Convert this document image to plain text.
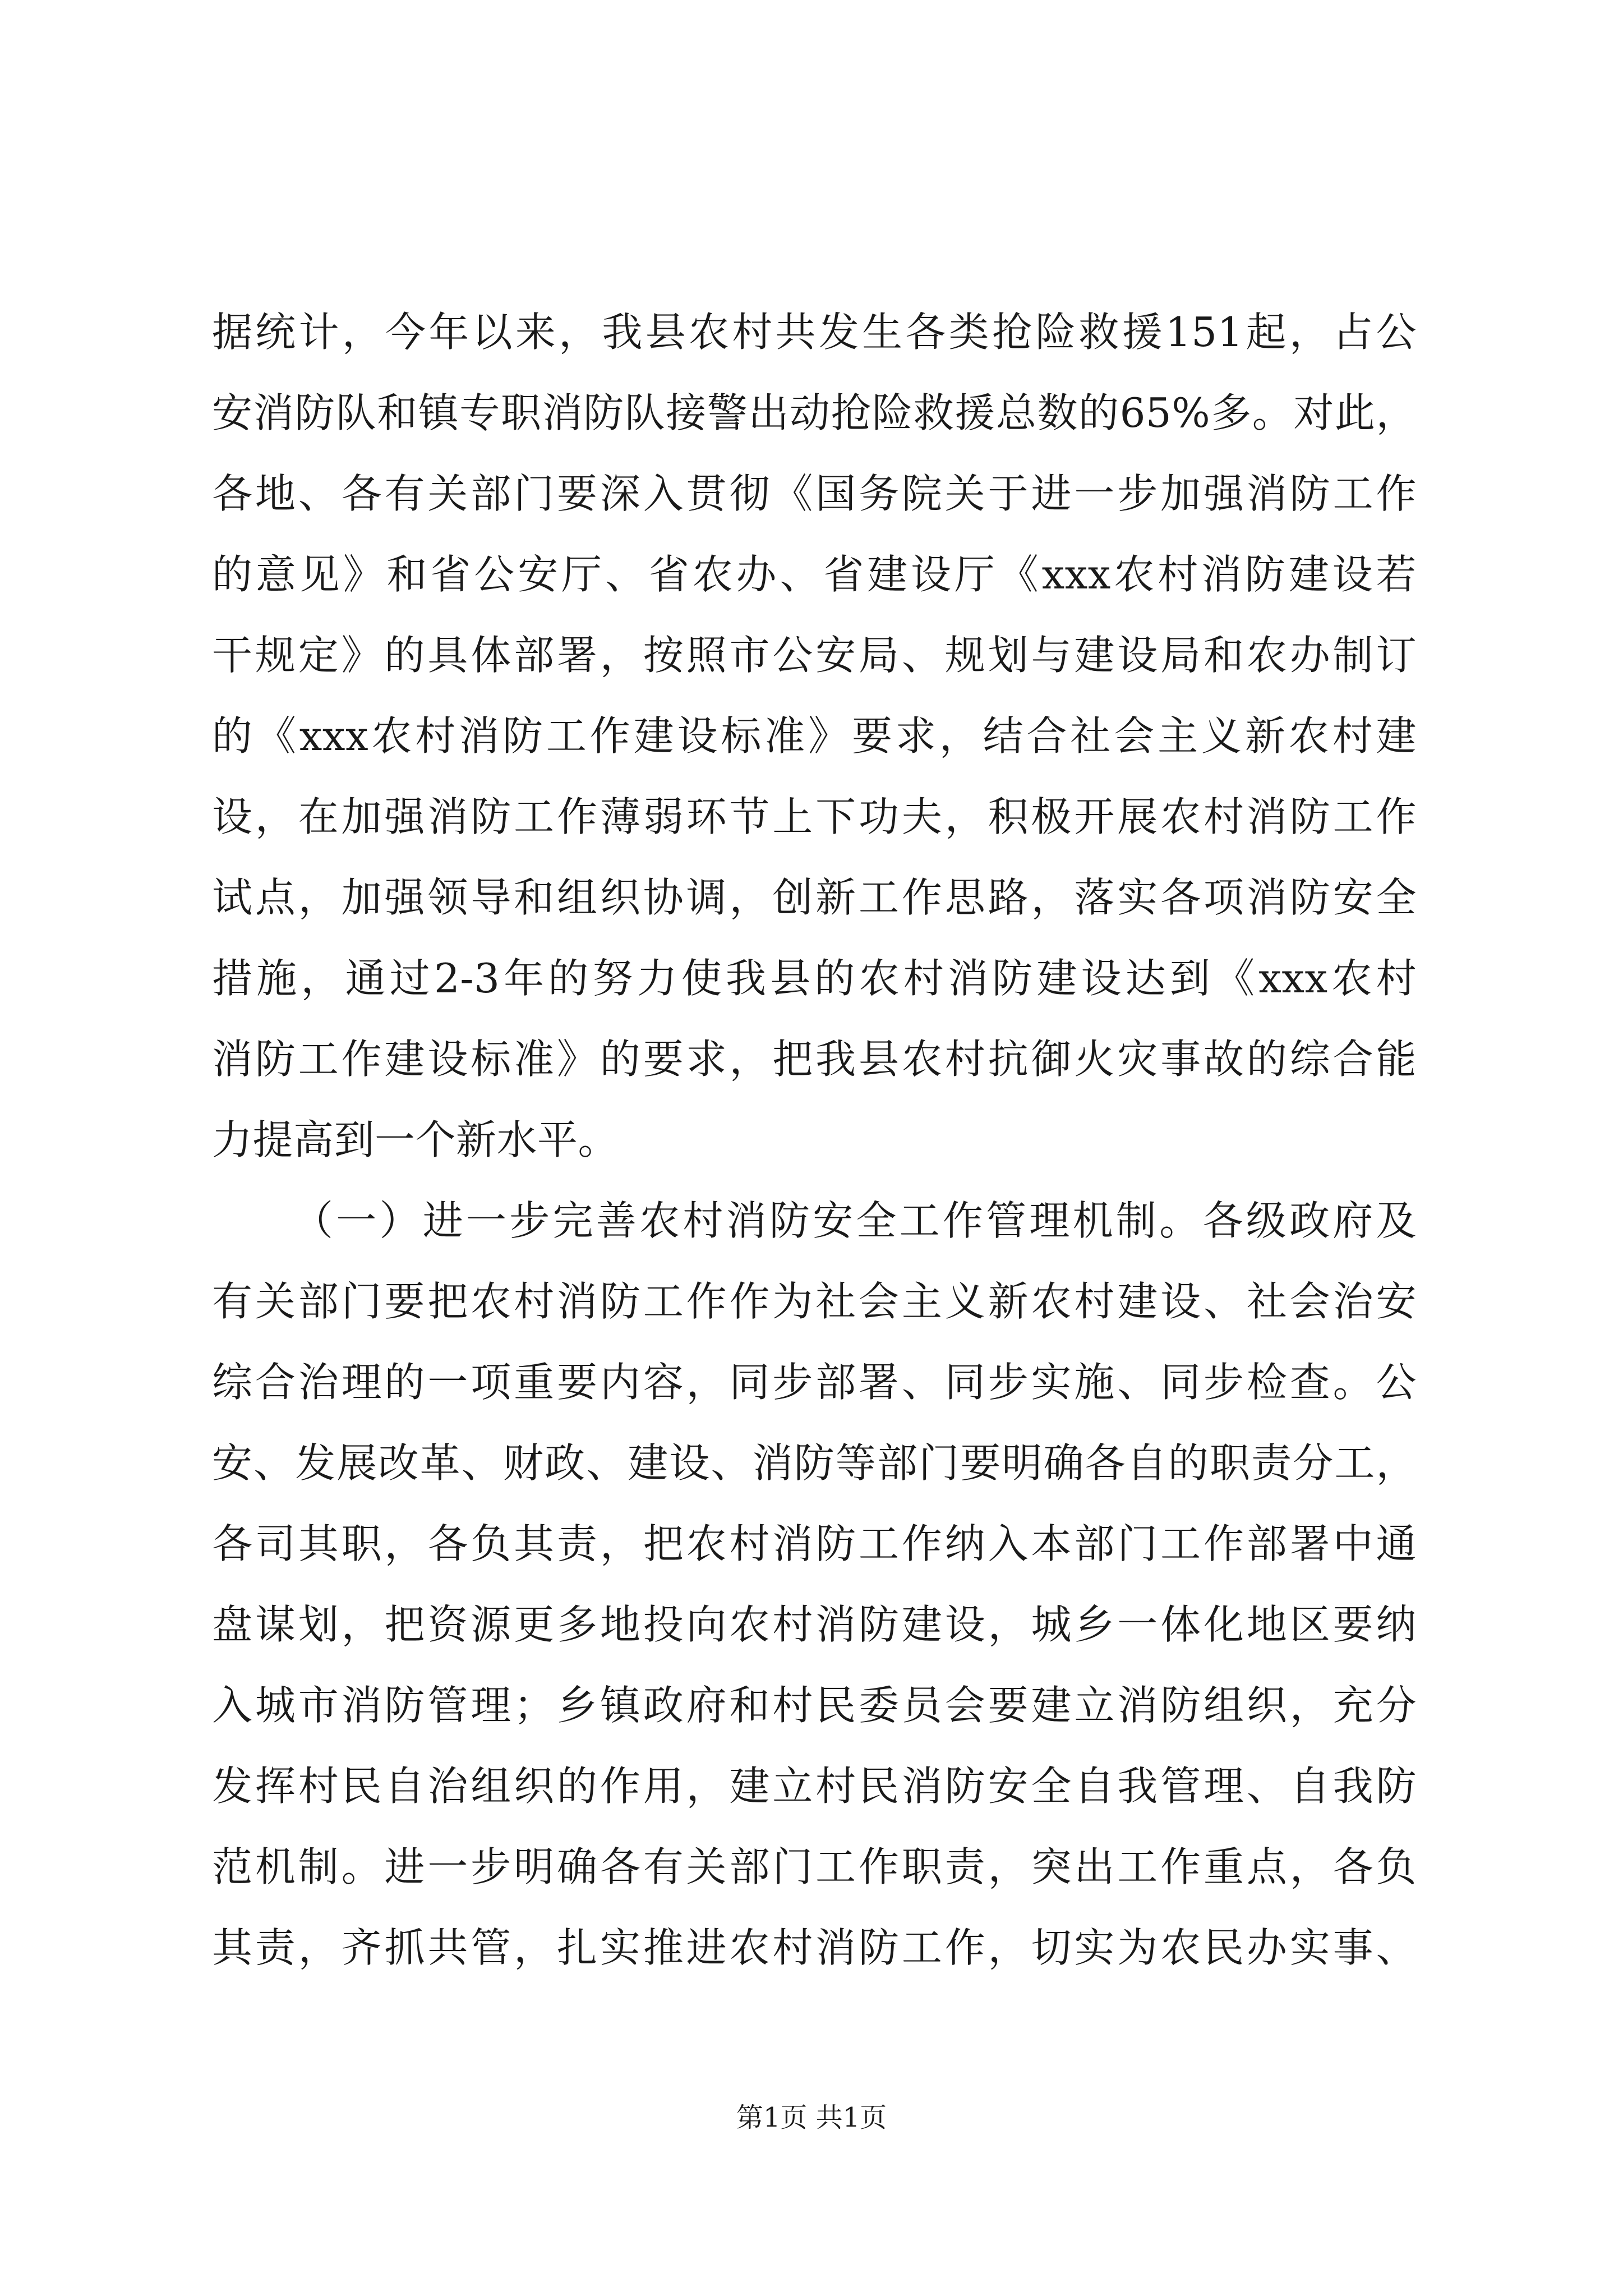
据统计，今年以来，我县农村共发生各类抢险救援151起，占公
安消防队和镇专职消防队接警出动抢险救援总数的65%多。对此，
各地、各有关部门要深入贯彻《国务院关于进一步加强消防工作
的意见》和省公安厅、省农办、省建设厅《xxx农村消防建设若
干规定》的具体部署，按照市公安局、规划与建设局和农办制订
的《xxx农村消防工作建设标准》要求，结合社会主义新农村建
设，在加强消防工作薄弱环节上下功夫，积极开展农村消防工作
试点，加强领导和组织协调，创新工作思路，落实各项消防安全
措施，通过2-3年的努力使我县的农村消防建设达到《xxx农村
消防工作建设标准》的要求，把我县农村抗御火灾事故的综合能
力提高到一个新水平。
（一）进一步完善农村消防安全工作管理机制。各级政府及
有关部门要把农村消防工作作为社会主义新农村建设、社会治安
综合治理的一项重要内容，同步部署、同步实施、同步检查。公
安、发展改革、财政、建设、消防等部门要明确各自的职责分工，
各司其职，各负其责，把农村消防工作纳入本部门工作部署中通
盘谋划，把资源更多地投向农村消防建设，城乡一体化地区要纳
入城市消防管理；乡镇政府和村民委员会要建立消防组织，充分
发挥村民自治组织的作用，建立村民消防安全自我管理、自我防
范机制。进一步明确各有关部门工作职责，突出工作重点，各负
其责，齐抓共管，扎实推进农村消防工作，切实为农民办实事、
第1页 共1页
